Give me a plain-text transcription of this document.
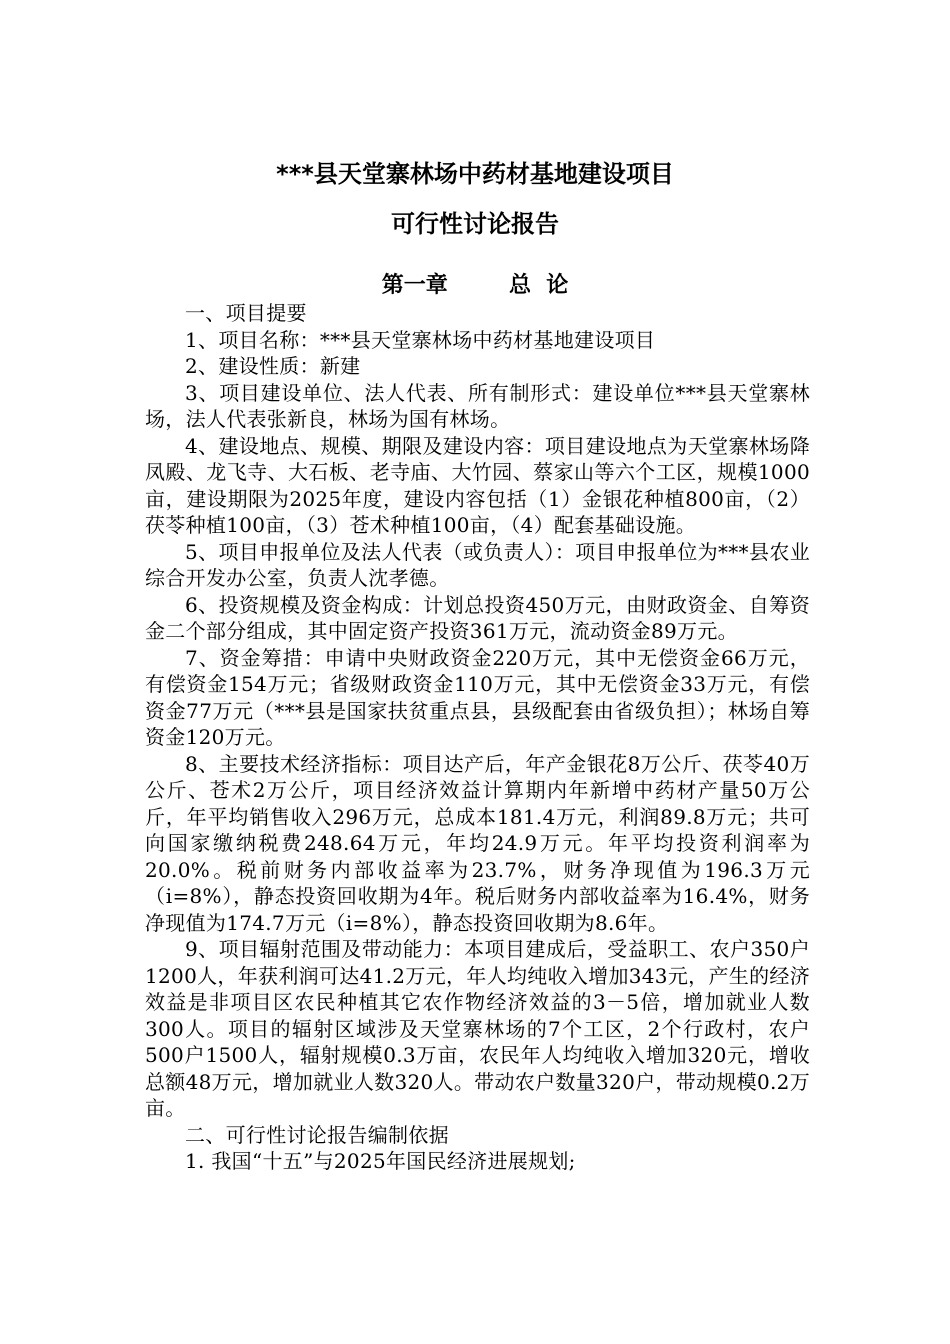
***县天堂寨林场中药材基地建设项目
可行性讨论报告
第一章        总  论

一、项目提要

1、项目名称：***县天堂寨林场中药材基地建设项目

2、建设性质：新建

3、项目建设单位、法人代表、所有制形式：建设单位***县天堂寨林场，法人代表张新良，林场为国有林场。

4、建设地点、规模、期限及建设内容：项目建设地点为天堂寨林场降凤殿、龙飞寺、大石板、老寺庙、大竹园、蔡家山等六个工区，规模1000亩，建设期限为2025年度，建设内容包括（1）金银花种植800亩，（2）茯苓种植100亩，（3）苍术种植100亩，（4）配套基础设施。

5、项目申报单位及法人代表（或负责人）：项目申报单位为***县农业综合开发办公室，负责人沈孝德。

6、投资规模及资金构成：计划总投资450万元，由财政资金、自筹资金二个部分组成，其中固定资产投资361万元，流动资金89万元。

7、资金筹措：申请中央财政资金220万元，其中无偿资金66万元，有偿资金154万元；省级财政资金110万元，其中无偿资金33万元，有偿资金77万元（***县是国家扶贫重点县，县级配套由省级负担）；林场自筹资金120万元。

8、主要技术经济指标：项目达产后，年产金银花8万公斤、茯苓40万公斤、苍术2万公斤，项目经济效益计算期内年新增中药材产量50万公斤，年平均销售收入296万元，总成本181.4万元，利润89.8万元；共可向国家缴纳税费248.64万元，年均24.9万元。年平均投资利润率为20.0%。税前财务内部收益率为23.7%，财务净现值为196.3万元（i=8%），静态投资回收期为4年。税后财务内部收益率为16.4%，财务净现值为174.7万元（i=8%），静态投资回收期为8.6年。

9、项目辐射范围及带动能力：本项目建成后，受益职工、农户350户1200人，年获利润可达41.2万元，年人均纯收入增加343元，产生的经济效益是非项目区农民种植其它农作物经济效益的3－5倍，增加就业人数300人。项目的辐射区域涉及天堂寨林场的7个工区，2个行政村，农户500户1500人，辐射规模0.3万亩，农民年人均纯收入增加320元，增收总额48万元，增加就业人数320人。带动农户数量320户，带动规模0.2万亩。

二、可行性讨论报告编制依据

1. 我国“十五”与2025年国民经济进展规划;
